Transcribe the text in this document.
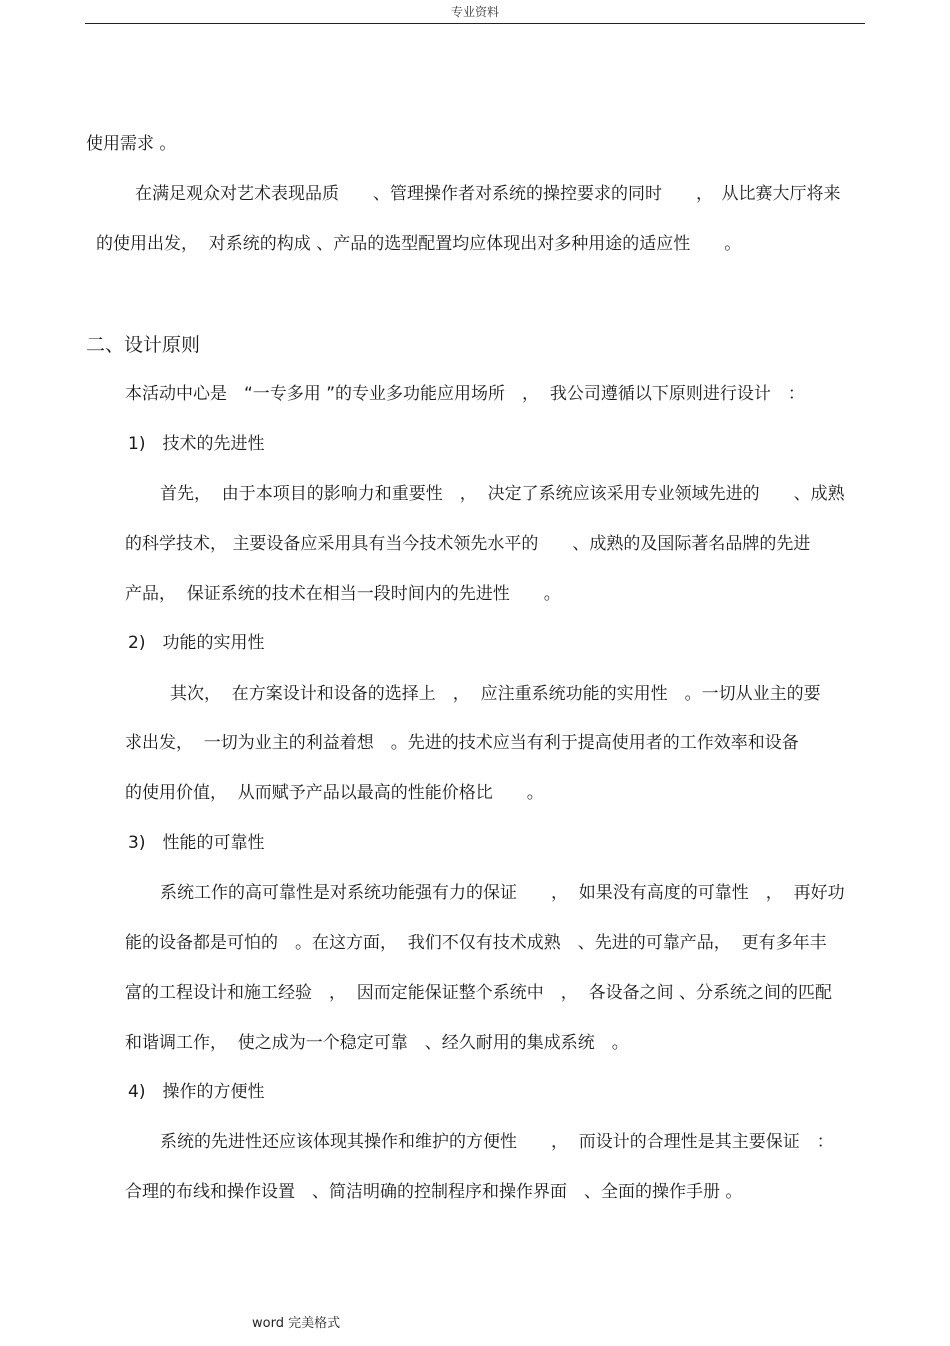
专业资料
使用需求 。
在满足观众对艺术表现品质　　、管理操作者对系统的操控要求的同时　　，　从比赛大厅将来
的使用出发，  对系统的构成 、产品的选型配置均应体现出对多种用途的适应性　　。
二、设计原则
本活动中心是　“一专多用 ”的专业多功能应用场所　，  我公司遵循以下原则进行设计　：
1)　技术的先进性
首先，  由于本项目的影响力和重要性　，  决定了系统应该采用专业领域先进的　　、成熟
的科学技术， 主要设备应采用具有当今技术领先水平的　　、成熟的及国际著名品牌的先进
产品，  保证系统的技术在相当一段时间内的先进性　　。
2)　功能的实用性
其次，  在方案设计和设备的选择上　，  应注重系统功能的实用性　。一切从业主的要
求出发，  一切为业主的利益着想　。先进的技术应当有利于提高使用者的工作效率和设备
的使用价值，  从而赋予产品以最高的性能价格比　　。
3)　性能的可靠性
系统工作的高可靠性是对系统功能强有力的保证　　，  如果没有高度的可靠性　，  再好功
能的设备都是可怕的　。在这方面，  我们不仅有技术成熟　、先进的可靠产品，  更有多年丰
富的工程设计和施工经验　，  因而定能保证整个系统中　，  各设备之间 、分系统之间的匹配
和谐调工作，  使之成为一个稳定可靠　、经久耐用的集成系统　。
4)　操作的方便性
系统的先进性还应该体现其操作和维护的方便性　　，  而设计的合理性是其主要保证　：
合理的布线和操作设置　、简洁明确的控制程序和操作界面　、全面的操作手册 。
word 完美格式
